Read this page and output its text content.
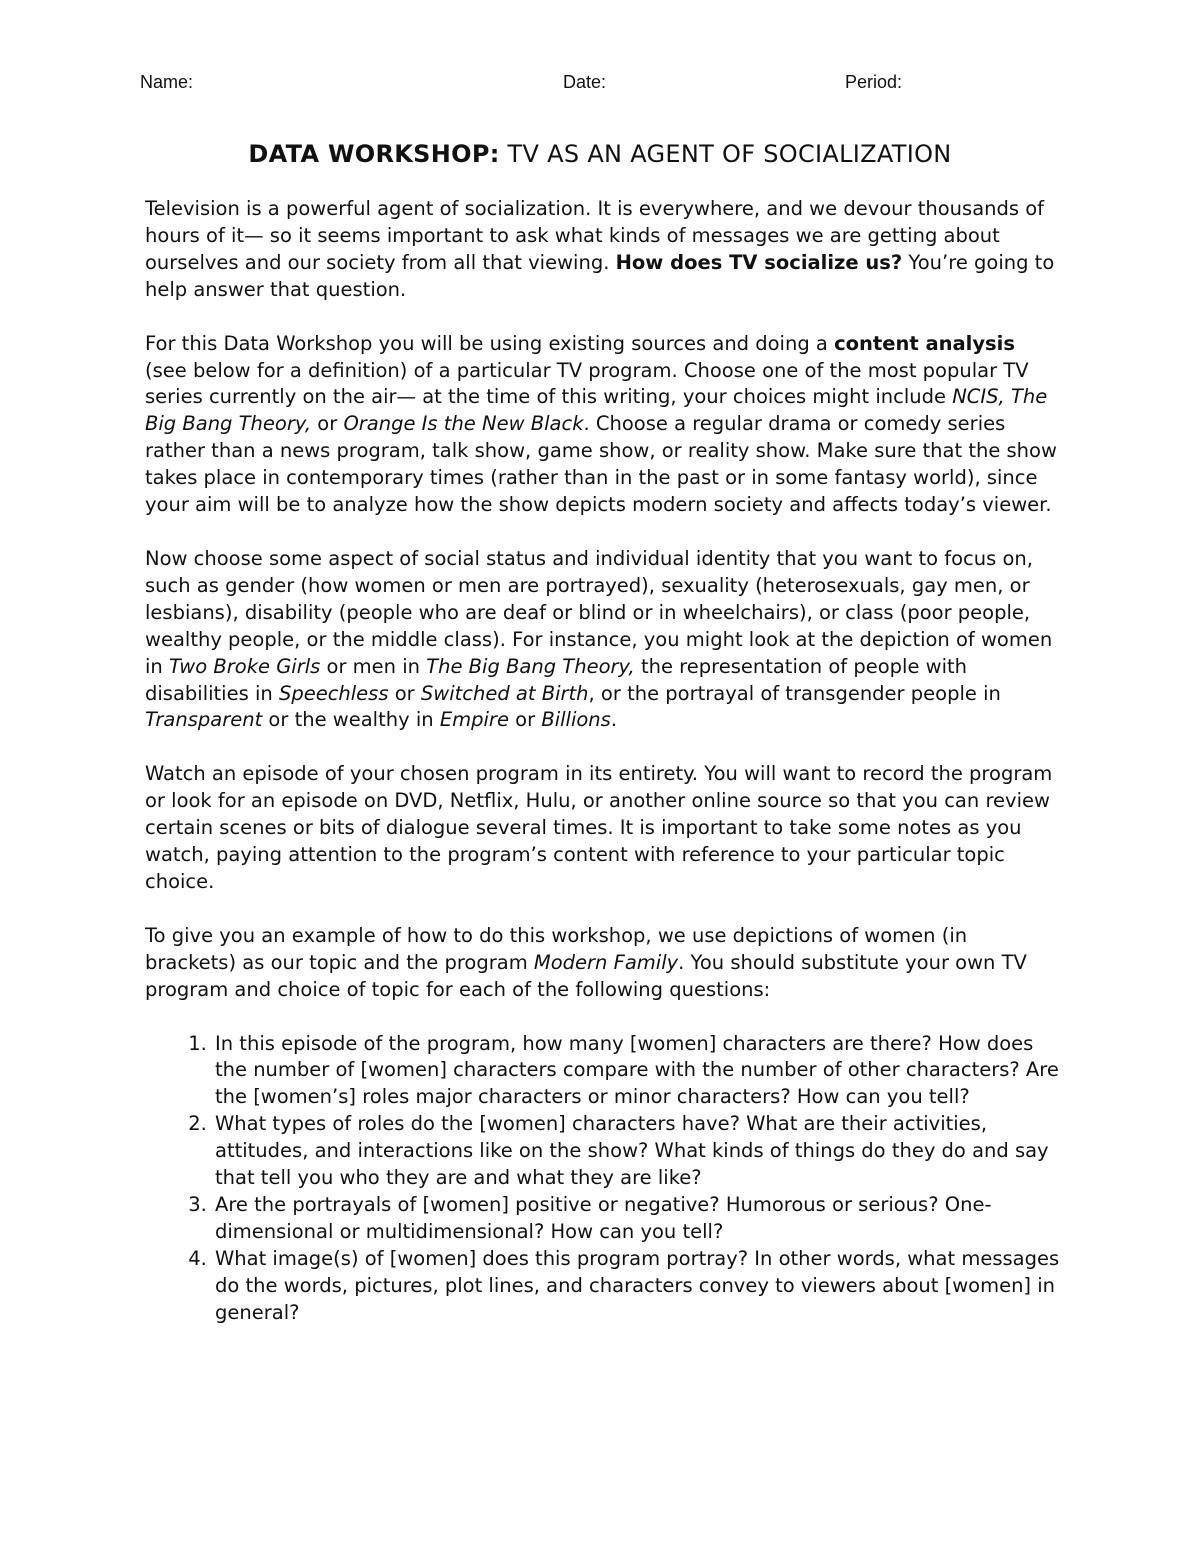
Name:	Date:	Period:
DATA WORKSHOP: TV AS AN AGENT OF SOCIALIZATION

Television is a powerful agent of socialization. It is everywhere, and we devour thousands of hours of it— so it seems important to ask what kinds of messages we are getting about ourselves and our society from all that viewing. How does TV socialize us? You’re going to help answer that question.

For this Data Workshop you will be using existing sources and doing a content analysis (see below for a definition) of a particular TV program. Choose one of the most popular TV series currently on the air— at the time of this writing, your choices might include NCIS, The Big Bang Theory, or Orange Is the New Black. Choose a regular drama or comedy series rather than a news program, talk show, game show, or reality show. Make sure that the show takes place in contemporary times (rather than in the past or in some fantasy world), since your aim will be to analyze how the show depicts modern society and affects today’s viewer.

Now choose some aspect of social status and individual identity that you want to focus on, such as gender (how women or men are portrayed), sexuality (heterosexuals, gay men, or lesbians), disability (people who are deaf or blind or in wheelchairs), or class (poor people, wealthy people, or the middle class). For instance, you might look at the depiction of women in Two Broke Girls or men in The Big Bang Theory, the representation of people with disabilities in Speechless or Switched at Birth, or the portrayal of transgender people in Transparent or the wealthy in Empire or Billions.

Watch an episode of your chosen program in its entirety. You will want to record the program or look for an episode on DVD, Netflix, Hulu, or another online source so that you can review certain scenes or bits of dialogue several times. It is important to take some notes as you watch, paying attention to the program’s content with reference to your particular topic choice.

To give you an example of how to do this workshop, we use depictions of women (in brackets) as our topic and the program Modern Family. You should substitute your own TV program and choice of topic for each of the following questions:

1. In this episode of the program, how many [women] characters are there? How does the number of [women] characters compare with the number of other characters? Are the [women’s] roles major characters or minor characters? How can you tell?
2. What types of roles do the [women] characters have? What are their activities, attitudes, and interactions like on the show? What kinds of things do they do and say that tell you who they are and what they are like?
3. Are the portrayals of [women] positive or negative? Humorous or serious? One-dimensional or multidimensional? How can you tell?
4. What image(s) of [women] does this program portray? In other words, what messages do the words, pictures, plot lines, and characters convey to viewers about [women] in general?
